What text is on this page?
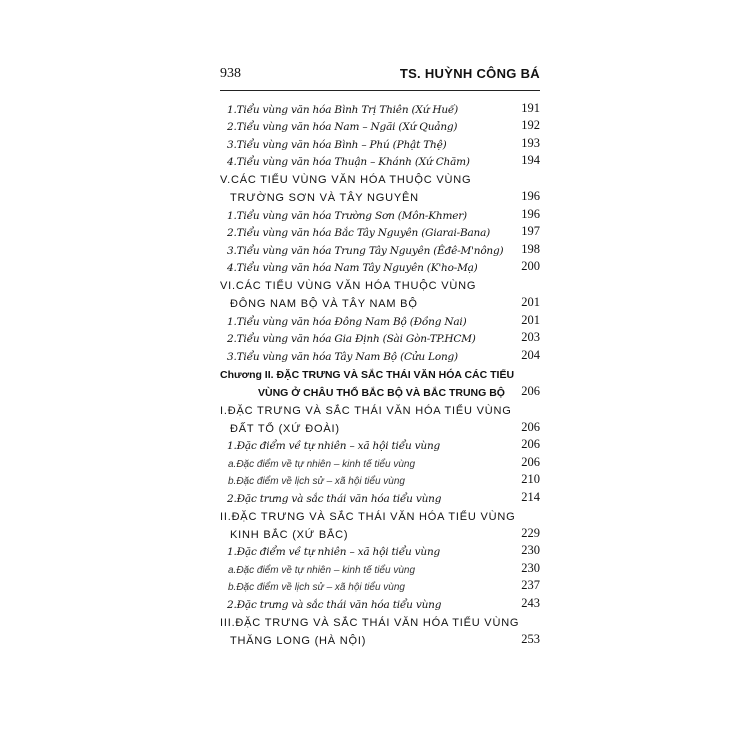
938	TS. HUỲNH CÔNG BÁ
1.Tiểu vùng văn hóa Bình Trị Thiên (Xứ Huế)	191
2.Tiểu vùng văn hóa Nam – Ngãi (Xứ Quảng)	192
3.Tiểu vùng văn hóa Bình – Phú (Phật Thệ)	193
4.Tiểu vùng văn hóa Thuận – Khánh (Xứ Chăm)	194
V.CÁC TIỂU VÙNG VĂN HÓA THUỘC VÙNG
TRƯỜNG SƠN VÀ TÂY NGUYÊN	196
1.Tiểu vùng văn hóa Trường Sơn (Môn-Khmer)	196
2.Tiểu vùng văn hóa Bắc Tây Nguyên (Giarai-Bana) 197
3.Tiểu vùng văn hóa Trung Tây Nguyên (Êđê-M'nông) 198
4.Tiểu vùng văn hóa Nam Tây Nguyên (K'ho-Mạ)	200
VI.CÁC TIỂU VÙNG VĂN HÓA THUỘC VÙNG
ĐÔNG NAM BỘ VÀ TÂY NAM BỘ	201
1.Tiểu vùng văn hóa Đông Nam Bộ (Đồng Nai)	201
2.Tiểu vùng văn hóa Gia Định (Sài Gòn-TP.HCM)	203
3.Tiểu vùng văn hóa Tây Nam Bộ (Cửu Long)	204
Chương II. ĐẶC TRƯNG VÀ SẮC THÁI VĂN HÓA CÁC TIỂU
VÙNG Ở CHÂU THỔ BẮC BỘ VÀ BẮC TRUNG BỘ 206
I.ĐẶC TRƯNG VÀ SẮC THÁI VĂN HÓA TIỂU VÙNG
ĐẤT TỔ (XỨ ĐOÀI)	206
1.Đặc điểm về tự nhiên – xã hội tiểu vùng	206
a.Đặc điểm về tự nhiên – kinh tế tiểu vùng	206
b.Đặc điểm về lịch sử – xã hội tiểu vùng	210
2.Đặc trưng và sắc thái văn hóa tiểu vùng	214
II.ĐẶC TRƯNG VÀ SẮC THÁI VĂN HÓA TIỂU VÙNG
KINH BẮC (XỨ BẮC)	229
1.Đặc điểm về tự nhiên – xã hội tiểu vùng	230
a.Đặc điểm về tự nhiên – kinh tế tiểu vùng	230
b.Đặc điểm về lịch sử – xã hội tiểu vùng	237
2.Đặc trưng và sắc thái văn hóa tiểu vùng	243
III.ĐẶC TRƯNG VÀ SẮC THÁI VĂN HÓA TIỂU VÙNG
THĂNG LONG (HÀ NỘI)	253
